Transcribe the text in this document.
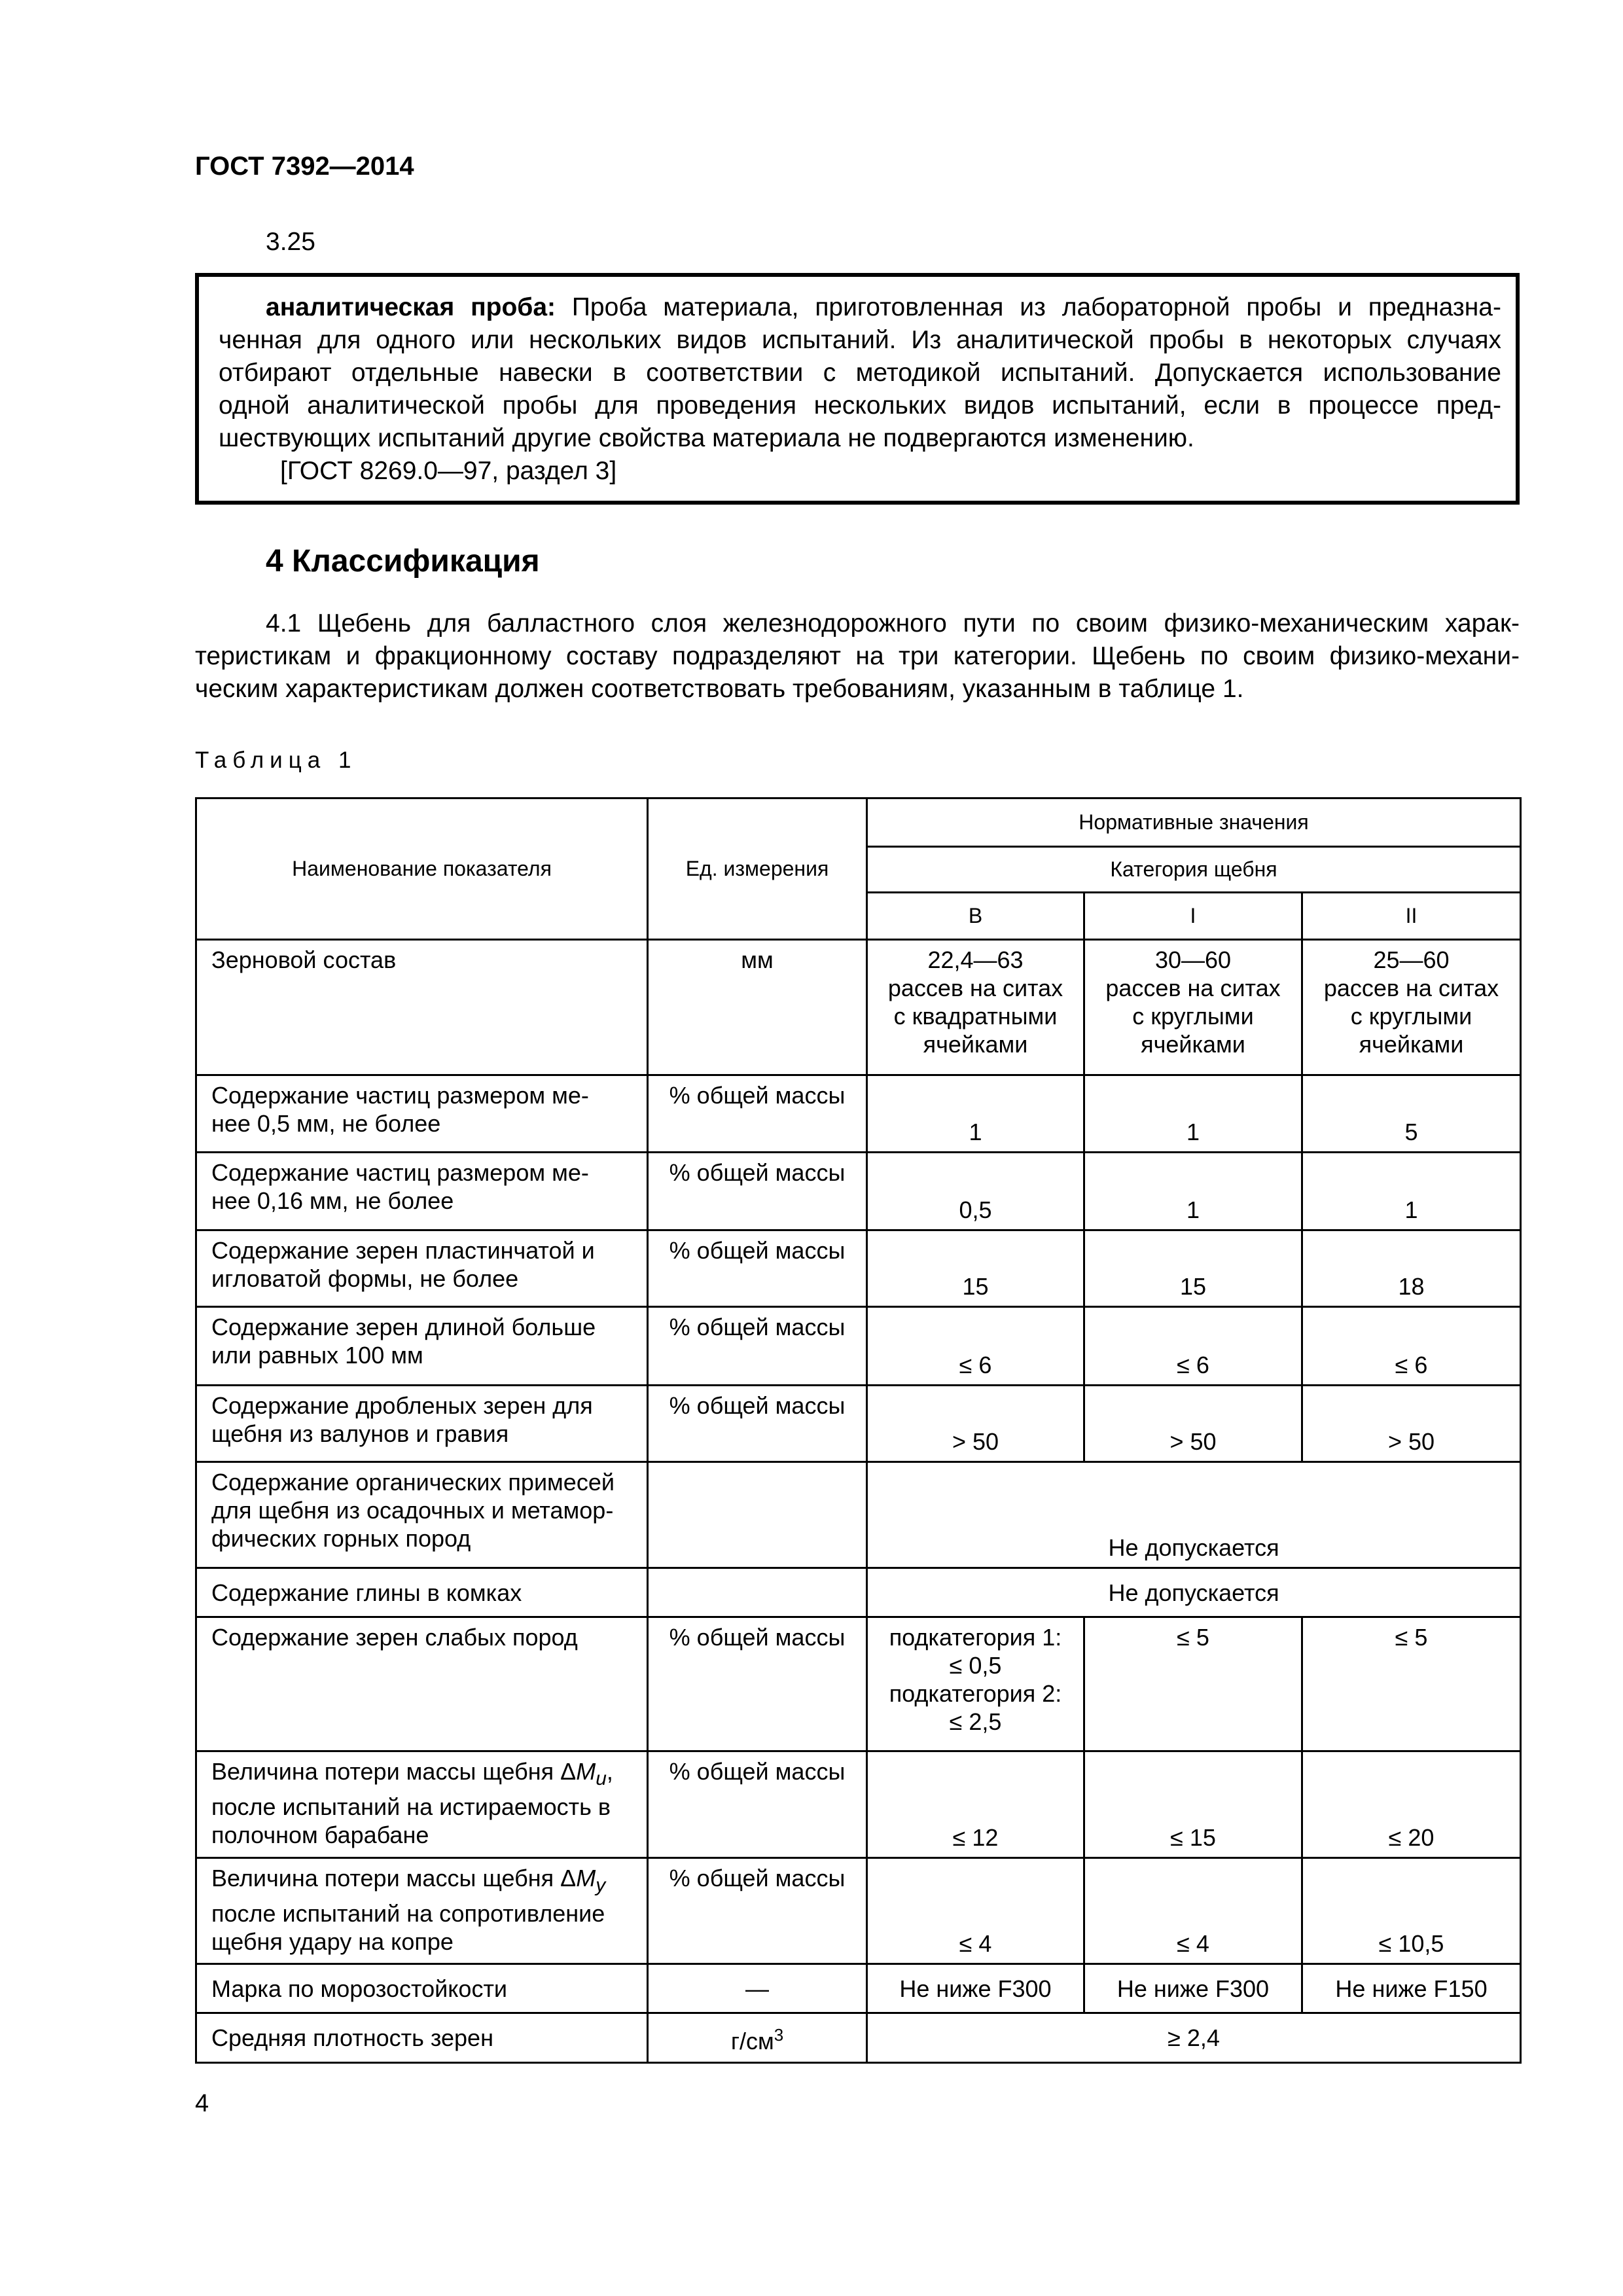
ГОСТ 7392—2014
3.25
аналитическая проба: Проба материала, приготовленная из лабораторной пробы и предназна-
ченная для одного или нескольких видов испытаний. Из аналитической пробы в некоторых случаях
отбирают отдельные навески в соответствии с методикой испытаний. Допускается использование
одной аналитической пробы для проведения нескольких видов испытаний, если в процессе пред-
шествующих испытаний другие свойства материала не подвергаются изменению.
[ГОСТ 8269.0—97, раздел 3]
4 Классификация
4.1 Щебень для балластного слоя железнодорожного пути по своим физико-механическим харак-
теристикам и фракционному составу подразделяют на три категории. Щебень по своим физико-механи-
ческим характеристикам должен соответствовать требованиям, указанным в таблице 1.
Таблица 1
Наименование показателя	Ед. измерения	Нормативные значения		
		Категория щебня		
		В	I	II
Зерновой состав	мм	22,4—63
рассев на ситах
с квадратными
ячейками	30—60
рассев на ситах
с круглыми
ячейками	25—60
рассев на ситах
с круглыми
ячейками
Содержание частиц размером ме-
нее 0,5 мм, не более	% общей массы	1	1	5
Содержание частиц размером ме-
нее 0,16 мм, не более	% общей массы	0,5	1	1
Содержание зерен пластинчатой и
игловатой формы, не более	% общей массы	15	15	18
Содержание зерен длиной больше
или равных 100 мм	% общей массы	≤ 6	≤ 6	≤ 6
Содержание дробленых зерен для
щебня из валунов и гравия	% общей массы	> 50	> 50	> 50
Содержание органических примесей
для щебня из осадочных и метамор-
фических горных пород		Не допускается		
Содержание глины в комках		Не допускается		
Содержание зерен слабых пород	% общей массы	подкатегория 1:
≤ 0,5
подкатегория 2:
≤ 2,5	≤ 5	≤ 5
Величина потери массы щебня $\Delta M_и$,
после испытаний на истираемость в
полочном барабане	% общей массы	≤ 12	≤ 15	≤ 20
Величина потери массы щебня $\Delta M_у$
после испытаний на сопротивление
щебня удару на копре	% общей массы	≤ 4	≤ 4	≤ 10,5
Марка по морозостойкости	—	Не ниже F300	Не ниже F300	Не ниже F150
Средняя плотность зерен	$г/см^3$	≥ 2,4		
4
